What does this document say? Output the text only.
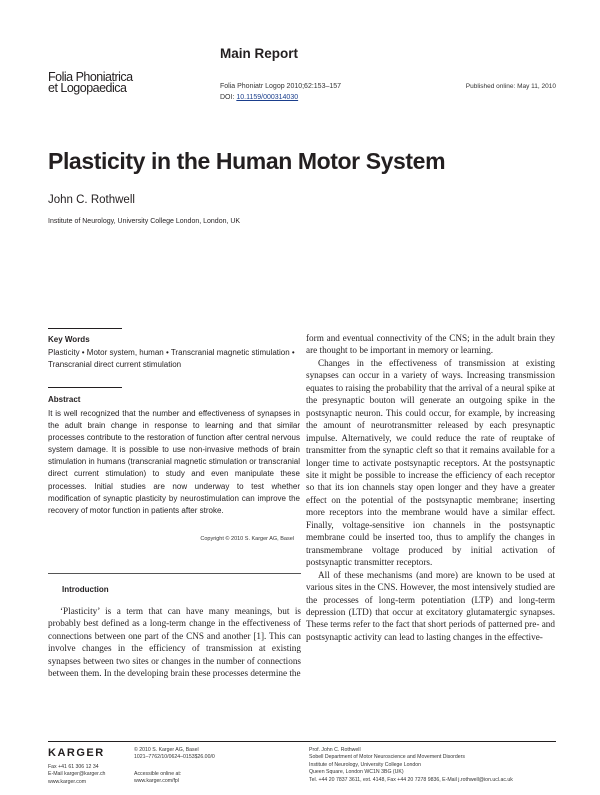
Main Report
Folia Phoniatrica
et Logopaedica	Folia Phoniatr Logop 2010;62:153–157
DOI: 10.1159/000314030
Published online: May 11, 2010
Plasticity in the Human Motor System
John C. Rothwell
Institute of Neurology, University College London, London, UK
Key Words
Plasticity • Motor system, human • Transcranial magnetic stimulation • Transcranial direct current stimulation
Abstract
It is well recognized that the number and effectiveness of synapses in the adult brain change in response to learning and that similar processes contribute to the restoration of function after central nervous system damage. It is possible to use non-invasive methods of brain stimulation in humans (transcranial magnetic stimulation or transcranial direct current stimulation) to study and even manipulate these processes. Initial studies are now underway to test whether modification of synaptic plasticity by neurostimulation can improve the recovery of motor function in patients after stroke.
Copyright © 2010 S. Karger AG, Basel
Introduction

‘Plasticity’ is a term that can have many meanings, but is probably best defined as a long-term change in the effectiveness of connections between one part of the CNS and another [1]. This can involve changes in the efficiency of transmission at existing synapses between two sites or changes in the number of connections between them. In the developing brain these processes determine the

form and eventual connectivity of the CNS; in the adult brain they are thought to be important in memory or learning.

Changes in the effectiveness of transmission at existing synapses can occur in a variety of ways. Increasing transmission equates to raising the probability that the arrival of a neural spike at the presynaptic bouton will generate an outgoing spike in the postsynaptic neuron. This could occur, for example, by increasing the amount of neurotransmitter released by each presynaptic impulse. Alternatively, we could reduce the rate of reuptake of transmitter from the synaptic cleft so that it remains available for a longer time to activate postsynaptic receptors. At the postsynaptic site it might be possible to increase the efficiency of each receptor so that its ion channels stay open longer and they have a greater effect on the potential of the postsynaptic membrane; inserting more receptors into the membrane would have a similar effect. Finally, voltage-sensitive ion channels in the postsynaptic membrane could be inserted too, thus to amplify the changes in transmembrane voltage produced by initial activation of postsynaptic transmitter receptors.

All of these mechanisms (and more) are known to be used at various sites in the CNS. However, the most intensively studied are the processes of long-term potentiation (LTP) and long-term depression (LTD) that occur at excitatory glutamatergic synapses. These terms refer to the fact that short periods of patterned pre- and postsynaptic activity can lead to lasting changes in the effective-

KARGER
Fax +41 61 306 12 34
E-Mail karger@karger.ch
www.karger.com
© 2010 S. Karger AG, Basel
1021–7762/10/0624–0153$26.00/0
Accessible online at:
www.karger.com/fpl
Prof. John C. Rothwell
Sobell Department of Motor Neuroscience and Movement Disorders
Institute of Neurology, University College London
Queen Square, London WC1N 3BG (UK)
Tel. +44 20 7837 3611, ext. 4148, Fax +44 20 7278 9836, E-Mail j.rothwell@ion.ucl.ac.uk
